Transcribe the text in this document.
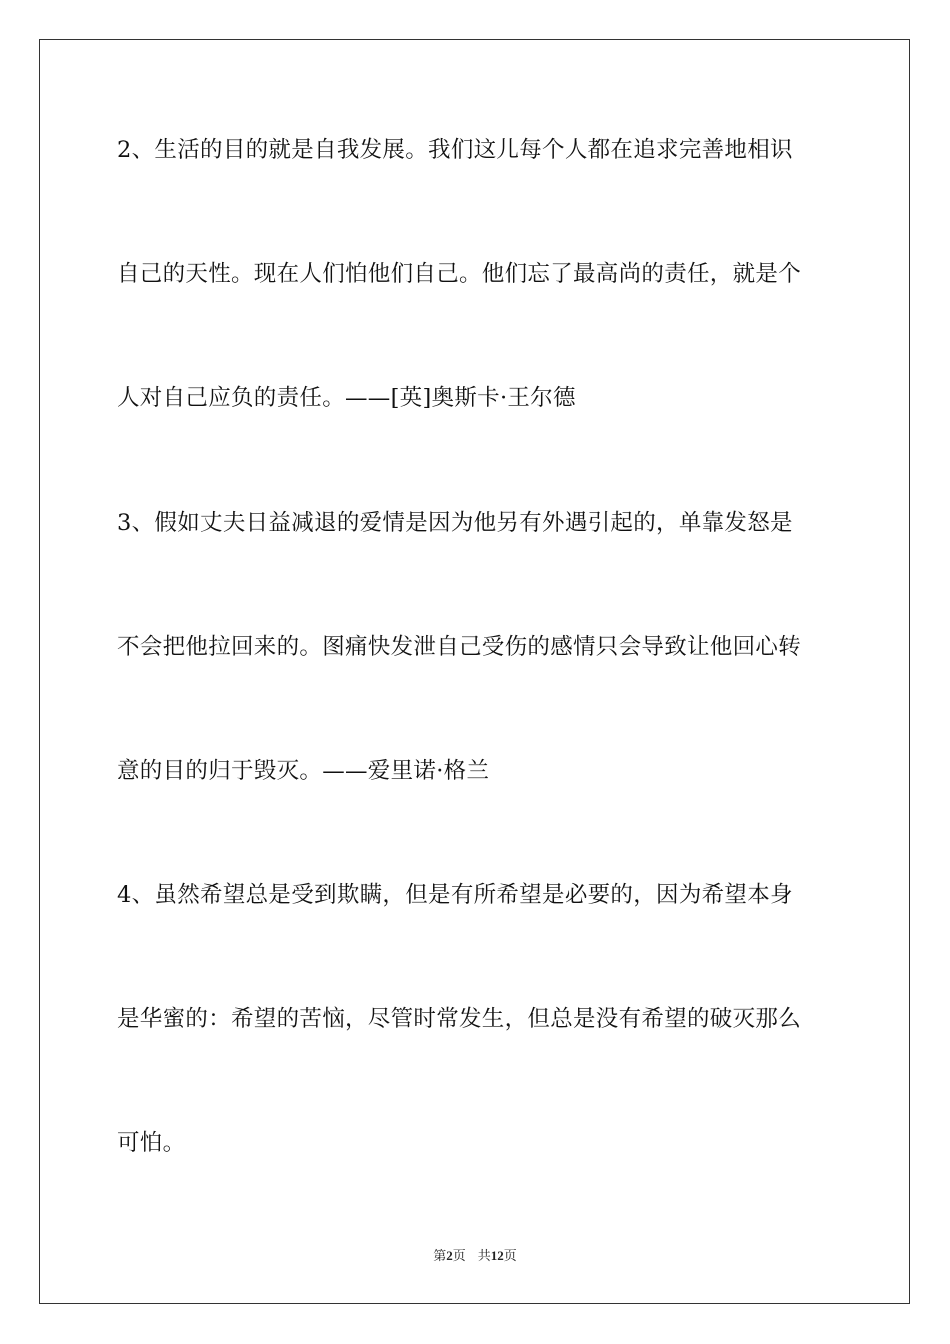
2、生活的目的就是自我发展。我们这儿每个人都在追求完善地相识
自己的天性。现在人们怕他们自己。他们忘了最高尚的责任，就是个
人对自己应负的责任。——[英]奥斯卡·王尔德
3、假如丈夫日益减退的爱情是因为他另有外遇引起的，单靠发怒是
不会把他拉回来的。图痛快发泄自己受伤的感情只会导致让他回心转
意的目的归于毁灭。——爱里诺·格兰
4、虽然希望总是受到欺瞒，但是有所希望是必要的，因为希望本身
是华蜜的：希望的苦恼，尽管时常发生，但总是没有希望的破灭那么
可怕。
第2页 共12页
